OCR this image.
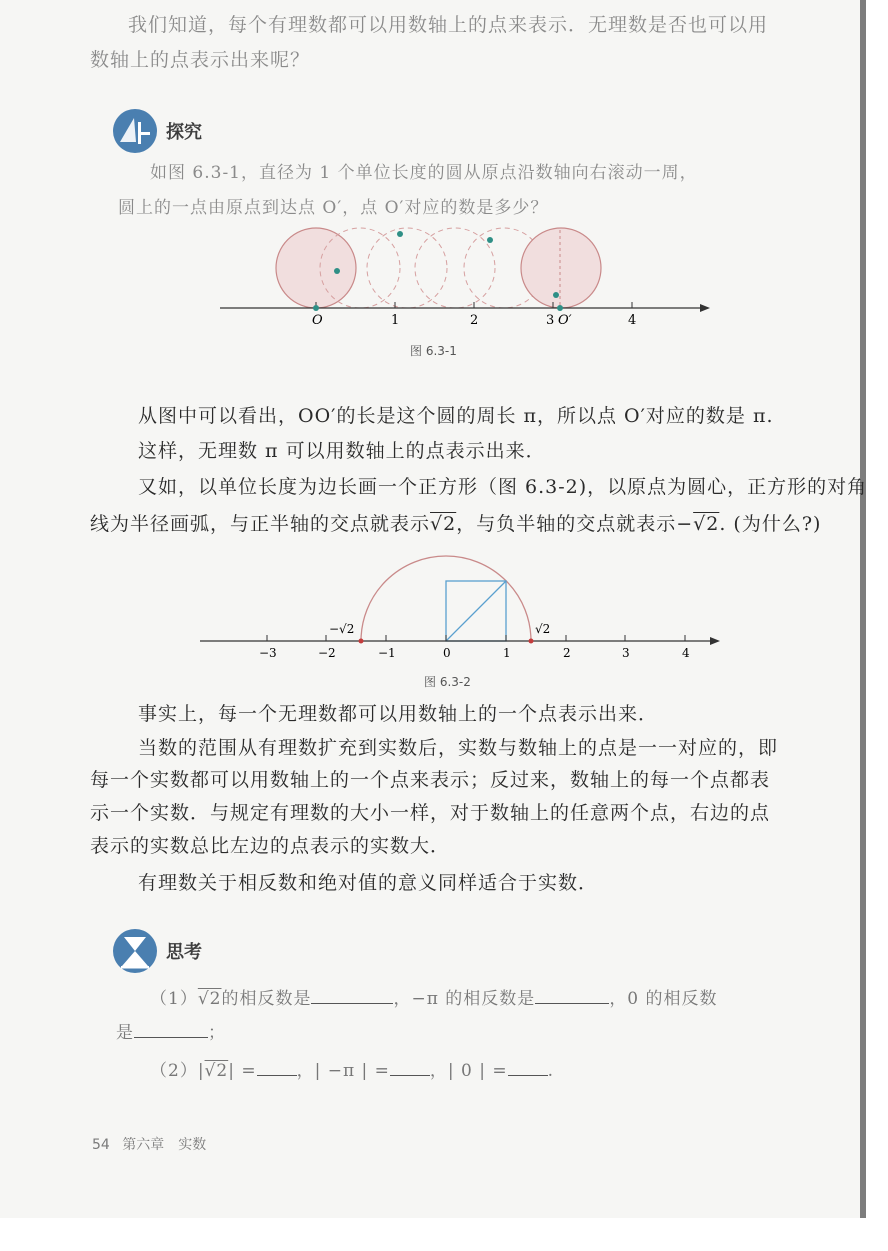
我们知道，每个有理数都可以用数轴上的点来表示．无理数是否也可以用
数轴上的点表示出来呢？
探究
如图 6.3-1，直径为 1 个单位长度的圆从原点沿数轴向右滚动一周，
圆上的一点由原点到达点 O′，点 O′对应的数是多少？
O	1	2	3 O′	4
图 6.3-1
从图中可以看出，OO′的长是这个圆的周长 π，所以点 O′对应的数是 π.
这样，无理数 π 可以用数轴上的点表示出来．
又如，以单位长度为边长画一个正方形（图 6.3-2)，以原点为圆心，正方形的对角
线为半径画弧，与正半轴的交点就表示√2，与负半轴的交点就表示−√2. (为什么?)
−√2	√2
−3	−2	−1	0	1	2	3	4
图 6.3-2
事实上，每一个无理数都可以用数轴上的一个点表示出来．
当数的范围从有理数扩充到实数后，实数与数轴上的点是一一对应的，即
每一个实数都可以用数轴上的一个点来表示；反过来，数轴上的每一个点都表
示一个实数．与规定有理数的大小一样，对于数轴上的任意两个点，右边的点
表示的实数总比左边的点表示的实数大．
有理数关于相反数和绝对值的意义同样适合于实数．
思考
（1）√2的相反数是	，−π 的相反数是	，0 的相反数
是	；
（2）|√2| = ，| −π | = ，| 0 | = .
54 第六章　实数
